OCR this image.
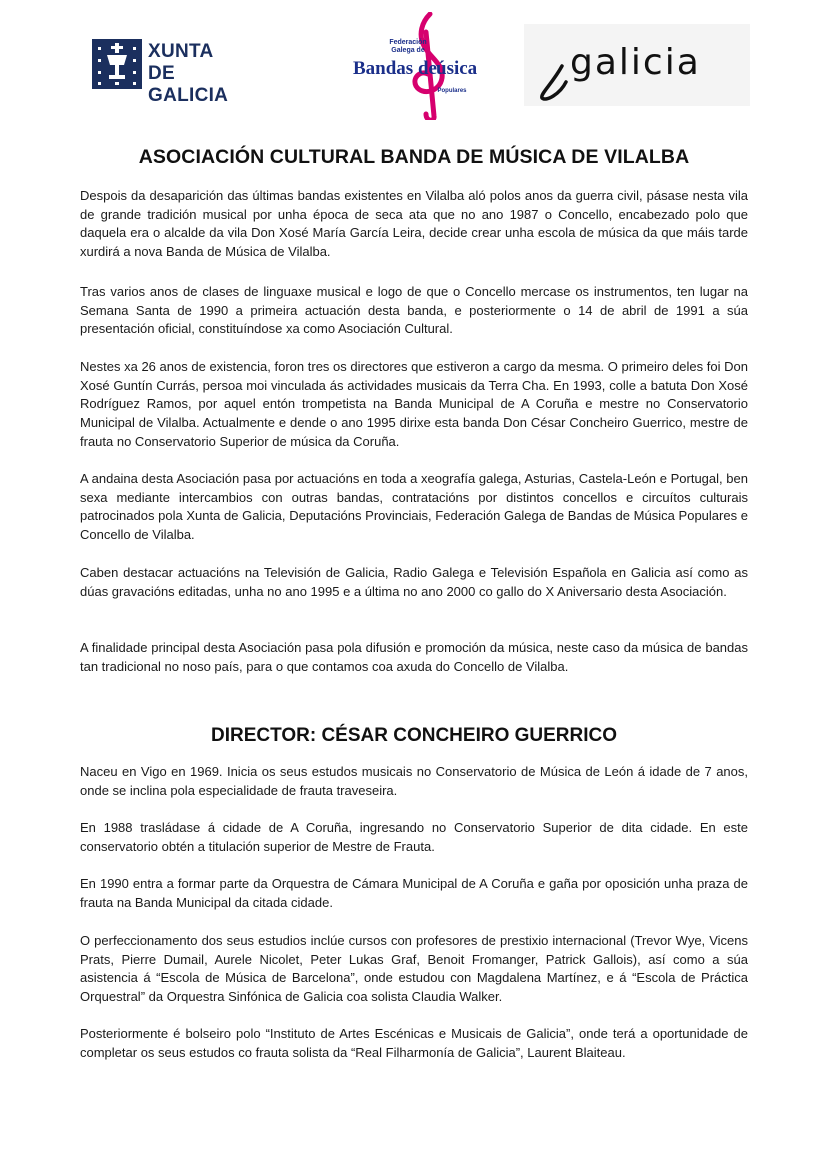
XUNTA
DE GALICIA
Federación
Galega de
Bandas de úsica
Populares
galicia
ASOCIACIÓN CULTURAL BANDA DE MÚSICA DE VILALBA

Despois da desaparición das últimas bandas existentes en Vilalba aló polos anos da guerra civil, pásase nesta vila de grande tradición musical por unha época de seca ata que no ano 1987 o Concello, encabezado polo que daquela era o alcalde da vila Don Xosé María García Leira, decide crear unha escola de música da que máis tarde xurdirá a nova Banda de Música de Vilalba.

Tras varios anos de clases de linguaxe musical e logo de que o Concello mercase os instrumentos, ten lugar na Semana Santa de 1990 a primeira actuación desta banda, e posteriormente o 14 de abril de 1991 a súa presentación oficial, constituíndose xa como Asociación Cultural.

Nestes xa 26 anos de existencia, foron tres os directores que estiveron a cargo da mesma. O primeiro deles foi Don Xosé Guntín Currás, persoa moi vinculada ás actividades musicais da Terra Cha. En 1993, colle a batuta Don Xosé Rodríguez Ramos, por aquel entón trompetista na Banda Municipal de A Coruña e mestre no Conservatorio Municipal de Vilalba. Actualmente e dende o ano 1995 dirixe esta banda Don César Concheiro Guerrico, mestre de frauta no Conservatorio Superior de música da Coruña.

A andaina desta Asociación pasa por actuacións en toda a xeografía galega, Asturias, Castela-León e Portugal, ben sexa mediante intercambios con outras bandas, contratacións por distintos concellos e circuítos culturais patrocinados pola Xunta de Galicia, Deputacións Provinciais, Federación Galega de Bandas de Música Populares e Concello de Vilalba.

Caben destacar actuacións na Televisión de Galicia, Radio Galega e Televisión Española en Galicia así como as dúas gravacións editadas, unha no ano 1995 e a última no ano 2000 co gallo do X Aniversario desta Asociación.

A finalidade principal desta Asociación pasa pola difusión e promoción da música, neste caso da música de bandas tan tradicional no noso país, para o que contamos coa axuda do Concello de Vilalba.

DIRECTOR: CÉSAR CONCHEIRO GUERRICO

Naceu en Vigo en 1969. Inicia os seus estudos musicais no Conservatorio de Música de León á idade de 7 anos, onde se inclina pola especialidade de frauta traveseira.

En 1988 trasládase á cidade de A Coruña, ingresando no Conservatorio Superior de dita cidade. En este conservatorio obtén a titulación superior de Mestre de Frauta.

En 1990 entra a formar parte da Orquestra de Cámara Municipal de A Coruña e gaña por oposición unha praza de frauta na Banda Municipal da citada cidade.

O perfeccionamento dos seus estudios inclúe cursos con profesores de prestixio internacional (Trevor Wye, Vicens Prats, Pierre Dumail, Aurele Nicolet, Peter Lukas Graf, Benoit Fromanger, Patrick Gallois), así como a súa asistencia á “Escola de Música de Barcelona”, onde estudou con Magdalena Martínez, e á “Escola de Práctica Orquestral” da Orquestra Sinfónica de Galicia coa solista Claudia Walker.

Posteriormente é bolseiro polo “Instituto de Artes Escénicas e Musicais de Galicia”, onde terá a oportunidade de completar os seus estudos co frauta solista da “Real Filharmonía de Galicia”, Laurent Blaiteau.
